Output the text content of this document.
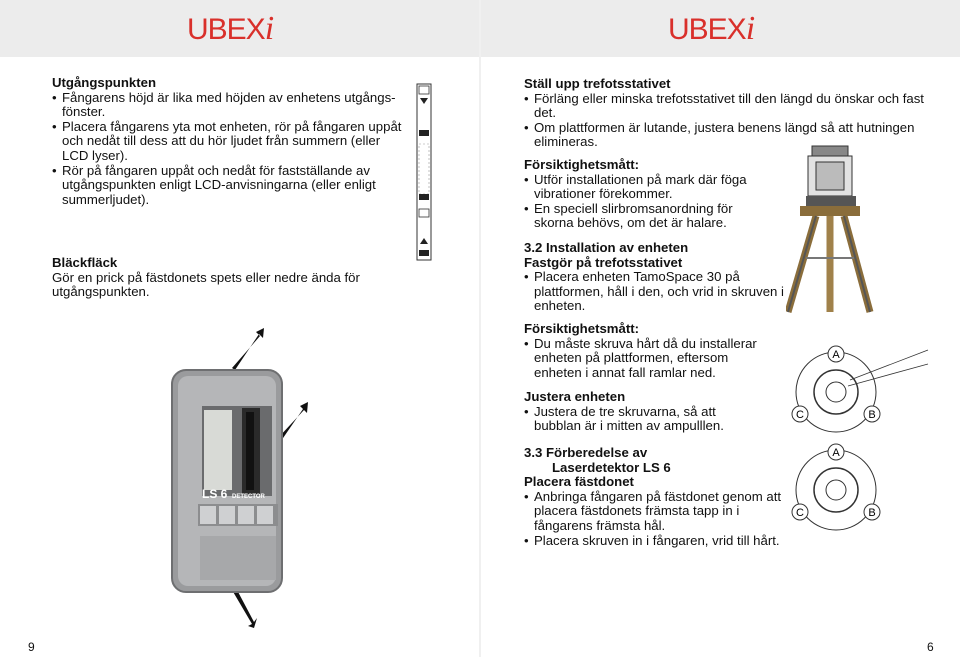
UBEXi
Utgångspunkten
• Fångarens höjd är lika med höjden av enhetens utgångs-fönster.
• Placera fångarens yta mot enheten, rör på fångaren uppåt och nedåt till dess att du hör ljudet från summern (eller LCD lyser).
• Rör på fångaren uppåt och nedåt för fastställande av utgångspunkten enligt LCD-anvisningarna (eller enligt summerljudet).
Bläckfläck
Gör en prick på fästdonets spets eller nedre ända för utgångspunkten.
LS 6 DETECTOR
9
UBEXi
Ställ upp trefotsstativet
• Förläng eller minska trefotsstativet till den längd du önskar och fast det.
• Om plattformen är lutande, justera benens längd så att hutningen elimineras.
Försiktighetsmått:
• Utför installationen på mark där föga vibrationer förekommer.
• En speciell slirbromsanordning för skorna behövs, om det är halare.
3.2 Installation av enheten
Fastgör på trefotsstativet
• Placera enheten TamoSpace 30 på plattformen, håll i den, och vrid in skruven i enheten.
Försiktighetsmått:
• Du måste skruva hårt då du installerar enheten på plattformen, eftersom enheten i annat fall ramlar ned.
Justera enheten
• Justera de tre skruvarna, så att bubblan är i mitten av ampulllen.
A
C	B
3.3 Förberedelse av
Laserdetektor LS 6
Placera fästdonet
• Anbringa fångaren på fästdonet genom att placera fästdonets främsta tapp in i fångarens främsta hål.
• Placera skruven in i fångaren, vrid till hårt.
A
C	B
6
